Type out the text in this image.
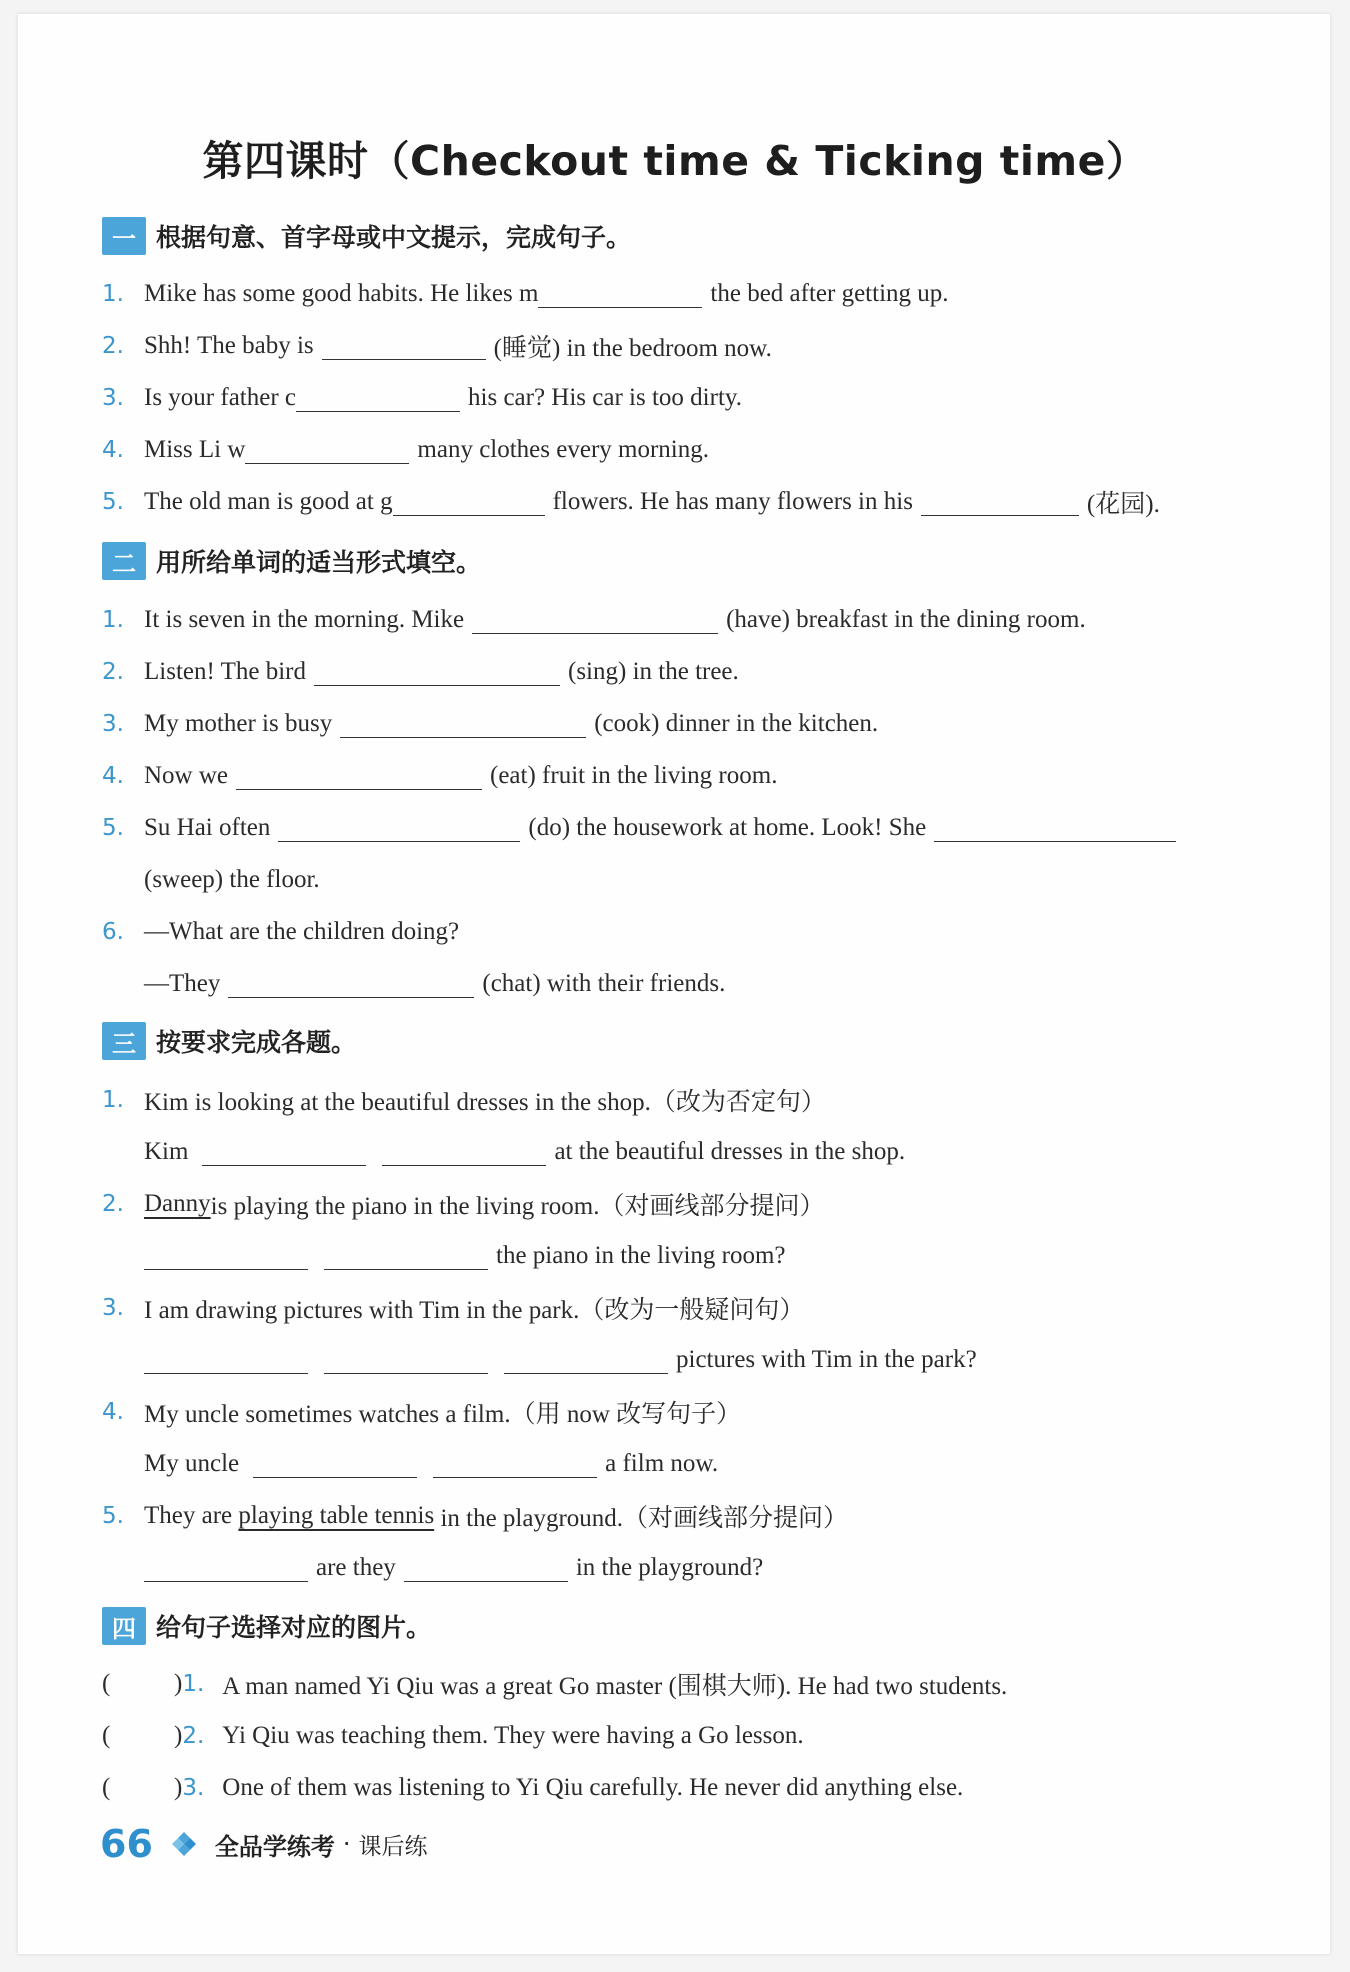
第四课时（Checkout time & Ticking time）
一 根据句意、首字母或中文提示，完成句子。
1. Mike has some good habits. He likes m	the bed after getting up.
2. Shh! The baby is	(睡觉) in the bedroom now.
3. Is your father c	his car? His car is too dirty.
4. Miss Li w	many clothes every morning.
5. The old man is good at g	flowers. He has many flowers in his	(花园).
二 用所给单词的适当形式填空。
1. It is seven in the morning. Mike	(have) breakfast in the dining room.
2. Listen! The bird	(sing) in the tree.
3. My mother is busy	(cook) dinner in the kitchen.
4. Now we	(eat) fruit in the living room.
5. Su Hai often	(do) the housework at home. Look! She
(sweep) the floor.
6. —What are the children doing?
—They	(chat) with their friends.
三 按要求完成各题。
1. Kim is looking at the beautiful dresses in the shop.（改为否定句）
Kim	at the beautiful dresses in the shop.
2. Danny is playing the piano in the living room.（对画线部分提问）
the piano in the living room?
3. I am drawing pictures with Tim in the park.（改为一般疑问句）
pictures with Tim in the park?
4. My uncle sometimes watches a film.（用 now 改写句子）
My uncle	a film now.
5. They are playing table tennis in the playground.（对画线部分提问）
are they	in the playground?
四 给句子选择对应的图片。
(	) 1. A man named Yi Qiu was a great Go master (围棋大师). He had two students.
(	) 2. Yi Qiu was teaching them. They were having a Go lesson.
(	) 3. One of them was listening to Yi Qiu carefully. He never did anything else.
66	全品学练考 · 课后练
